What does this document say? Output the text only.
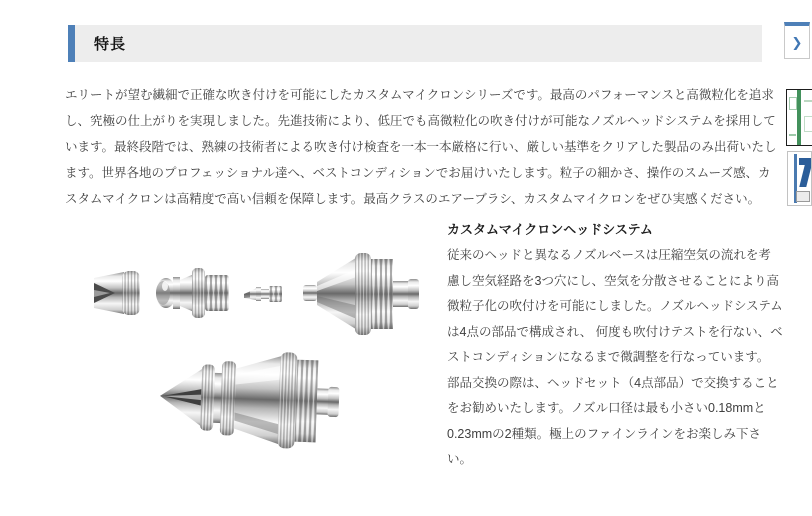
特長

エリートが望む繊細で正確な吹き付けを可能にしたカスタムマイクロンシリーズです。最高のパフォーマンスと高微粒化を追求し、究極の仕上がりを実現しました。先進技術により、低圧でも高微粒化の吹き付けが可能なノズルヘッドシステムを採用しています。最終段階では、熟練の技術者による吹き付け検査を一本一本厳格に行い、厳しい基準をクリアした製品のみ出荷いたします。世界各地のプロフェッショナル達へ、ベストコンディションでお届けいたします。粒子の細かさ、操作のスムーズ感、カスタムマイクロンは高精度で高い信頼を保障します。最高クラスのエアーブラシ、カスタムマイクロンをぜひ実感ください。

カスタムマイクロンヘッドシステム

従来のヘッドと異なるノズルベースは圧縮空気の流れを考慮し空気経路を3つ穴にし、空気を分散させることにより高微粒子化の吹付けを可能にしました。ノズルヘッドシステムは4点の部品で構成され、 何度も吹付けテストを行ない、ベストコンディションになるまで微調整を行なっています。 部品交換の際は、ヘッドセット（4点部品）で交換することをお勧めいたします。ノズル口径は最も小さい0.18mmと0.23mmの2種類。極上のファインラインをお楽しみ下さい。

❯
